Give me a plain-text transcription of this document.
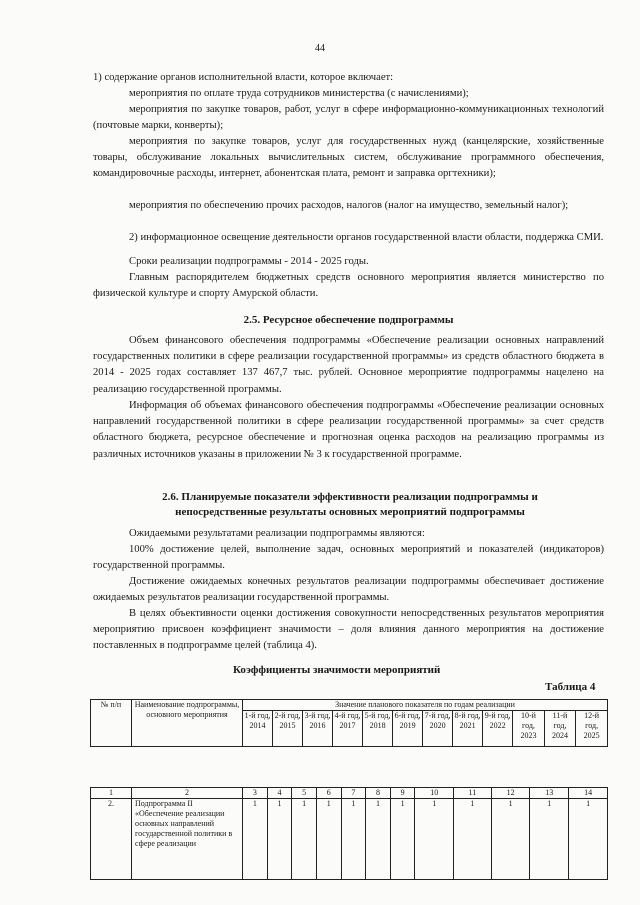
44
1) содержание органов исполнительной власти, которое включает:
мероприятия по оплате труда сотрудников министерства (с начислениями);
мероприятия по закупке товаров, работ, услуг в сфере информационно-коммуникационных технологий (почтовые марки, конверты);
мероприятия по закупке товаров, услуг для государственных нужд (канцелярские, хозяйственные товары, обслуживание локальных вычислительных систем, обслуживание программного обеспечения, командировочные расходы, интернет, абонентская плата, ремонт и заправка оргтехники);
мероприятия по обеспечению прочих расходов, налогов (налог на имущество, земельный налог);
2) информационное освещение деятельности органов государственной власти области, поддержка СМИ.
Сроки реализации подпрограммы - 2014 - 2025 годы.
Главным распорядителем бюджетных средств основного мероприятия является министерство по физической культуре и спорту Амурской области.
2.5. Ресурсное обеспечение подпрограммы
Объем финансового обеспечения подпрограммы «Обеспечение реализации основных направлений государственных политики в сфере реализации государственной программы» из средств областного бюджета в 2014 - 2025 годах составляет 137 467,7 тыс. рублей. Основное мероприятие подпрограммы нацелено на реализацию государственной программы.
Информация об объемах финансового обеспечения подпрограммы «Обеспечение реализации основных направлений государственной политики в сфере реализации государственной программы» за счет средств областного бюджета, ресурсное обеспечение и прогнозная оценка расходов на реализацию программы из различных источников указаны в приложении № 3 к государственной программе.
2.6. Планируемые показатели эффективности реализации подпрограммы и непосредственные результаты основных мероприятий подпрограммы
Ожидаемыми результатами реализации подпрограммы являются:
100% достижение целей, выполнение задач, основных мероприятий и показателей (индикаторов) государственной программы.
Достижение ожидаемых конечных результатов реализации подпрограммы обеспечивает достижение ожидаемых результатов реализации государственной программы.
В целях объективности оценки достижения совокупности непосредственных результатов мероприятия мероприятию присвоен коэффициент значимости – доля влияния данного мероприятия на достижение поставленных в подпрограмме целей (таблица 4).
Коэффициенты значимости мероприятий
Таблица 4
№ п/п	Наименование подпрограммы, основного мероприятия	Значение планового показателя по годам реализации											
		1-й год, 2014	2-й год, 2015	3-й год, 2016	4-й год, 2017	5-й год, 2018	6-й год, 2019	7-й год, 2020	8-й год, 2021	9-й год, 2022	10-й год, 2023	11-й год, 2024	12-й год, 2025
1	2	3	4	5	6	7	8	9	10	11	12	13	14
2.	Подпрограмма II «Обеспечение реализации основных направлений государственной политики в сфере реализации	1	1	1	1	1	1	1	1	1	1	1	1
